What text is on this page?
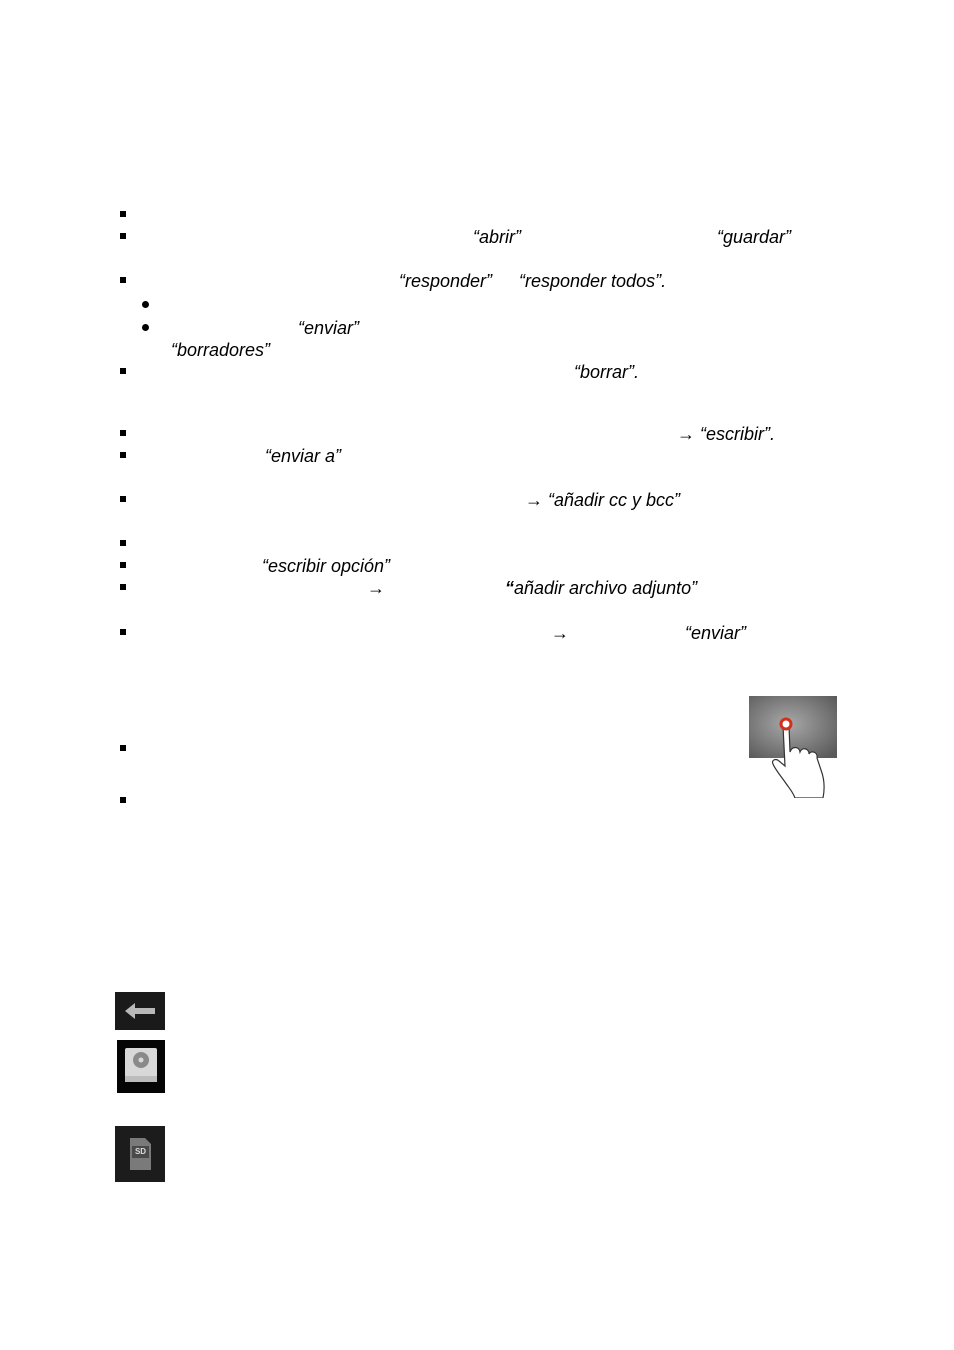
“abrir”	“guardar”
“responder” “responder todos”.
“enviar”
“borradores”
“borrar”.
→ “escribir”.
“enviar a”
→ “añadir cc y bcc”
“escribir opción”
→	“ añadir archivo adjunto”
→	“enviar”
SD
